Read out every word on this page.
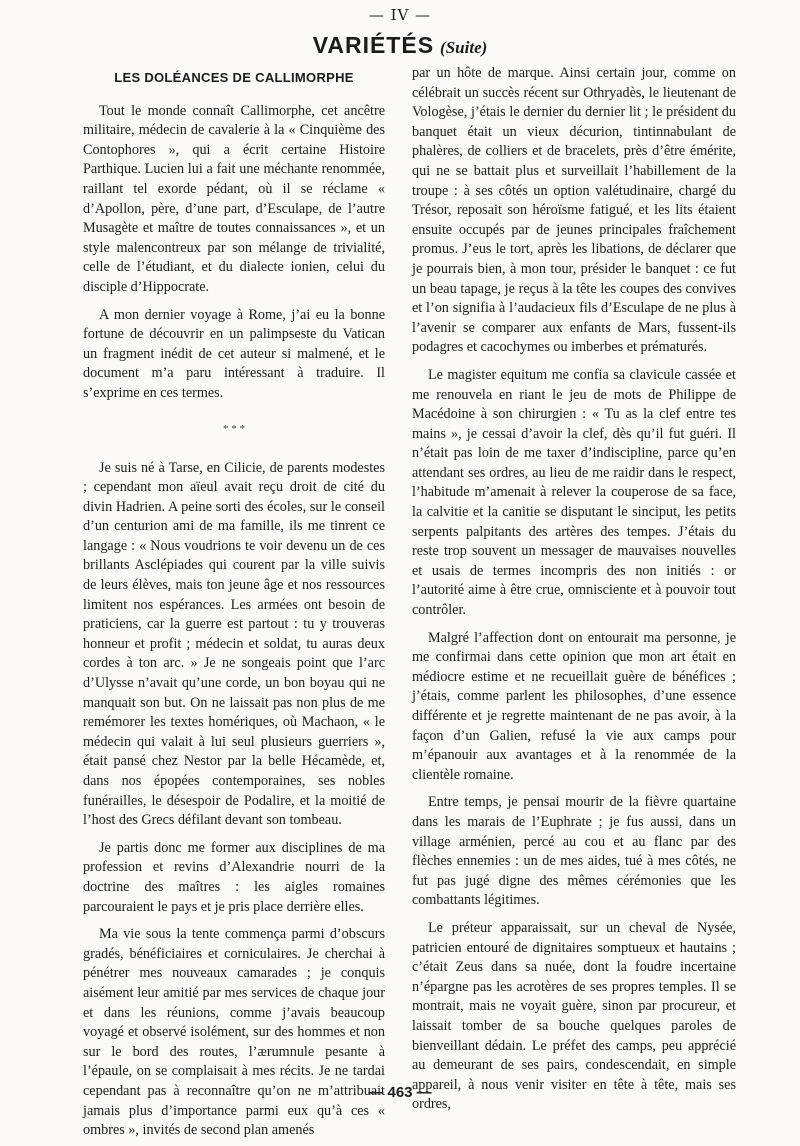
— IV —
VARIÉTÉS (Suite)
LES DOLÉANCES DE CALLIMORPHE

Tout le monde connaît Callimorphe, cet ancêtre militaire, médecin de cavalerie à la « Cinquième des Contophores », qui a écrit certaine Histoire Parthique. Lucien lui a fait une méchante renommée, raillant tel exorde pédant, où il se réclame « d’Apollon, père, d’une part, d’Esculape, de l’autre Musagète et maître de toutes connaissances », et un style malencontreux par son mélange de trivialité, celle de l’étudiant, et du dialecte ionien, celui du disciple d’Hippocrate.

A mon dernier voyage à Rome, j’ai eu la bonne fortune de découvrir en un palimpseste du Vatican un fragment inédit de cet auteur si malmené, et le document m’a paru intéressant à traduire. Il s’exprime en ces termes.

* * *

Je suis né à Tarse, en Cilicie, de parents modestes ; cependant mon aïeul avait reçu droit de cité du divin Hadrien. A peine sorti des écoles, sur le conseil d’un centurion ami de ma famille, ils me tinrent ce langage : « Nous voudrions te voir devenu un de ces brillants Asclépiades qui courent par la ville suivis de leurs élèves, mais ton jeune âge et nos ressources limitent nos espérances. Les armées ont besoin de praticiens, car la guerre est partout : tu y trouveras honneur et profit ; médecin et soldat, tu auras deux cordes à ton arc. » Je ne songeais point que l’arc d’Ulysse n’avait qu’une corde, un bon boyau qui ne manquait son but. On ne laissait pas non plus de me remémorer les textes homériques, où Machaon, « le médecin qui valait à lui seul plusieurs guerriers », était pansé chez Nestor par la belle Hécamède, et, dans nos épopées contemporaines, ses nobles funérailles, le désespoir de Podalire, et la moitié de l’host des Grecs défilant devant son tombeau.

Je partis donc me former aux disciplines de ma profession et revins d’Alexandrie nourri de la doctrine des maîtres : les aigles romaines parcouraient le pays et je pris place derrière elles.

Ma vie sous la tente commença parmi d’obscurs gradés, bénéficiaires et corniculaires. Je cherchai à pénétrer mes nouveaux camarades ; je conquis aisément leur amitié par mes services de chaque jour et dans les réunions, comme j’avais beaucoup voyagé et observé isolément, sur des hommes et non sur le bord des routes, l’ærumnule pesante à l’épaule, on se complaisait à mes récits. Je ne tardai cependant pas à reconnaître qu’on ne m’attribuait jamais plus d’importance parmi eux qu’à ces « ombres », invités de second plan amenés

par un hôte de marque. Ainsi certain jour, comme on célébrait un succès récent sur Othryadès, le lieutenant de Vologèse, j’étais le dernier du dernier lit ; le président du banquet était un vieux décurion, tintinnabulant de phalères, de colliers et de bracelets, près d’être émérite, qui ne se battait plus et surveillait l’habillement de la troupe : à ses côtés un option valétudinaire, chargé du Trésor, reposait son héroïsme fatigué, et les lits étaient ensuite occupés par de jeunes principales fraîchement promus. J’eus le tort, après les libations, de déclarer que je pourrais bien, à mon tour, présider le banquet : ce fut un beau tapage, je reçus à la tête les coupes des convives et l’on signifia à l’audacieux fils d’Esculape de ne plus à l’avenir se comparer aux enfants de Mars, fussent-ils podagres et cacochymes ou imberbes et prématurés.

Le magister equitum me confia sa clavicule cassée et me renouvela en riant le jeu de mots de Philippe de Macédoine à son chirurgien : « Tu as la clef entre tes mains », je cessai d’avoir la clef, dès qu’il fut guéri. Il n’était pas loin de me taxer d’indiscipline, parce qu’en attendant ses ordres, au lieu de me raidir dans le respect, l’habitude m’amenait à relever la couperose de sa face, la calvitie et la canitie se disputant le sinciput, les petits serpents palpitants des artères des tempes. J’étais du reste trop souvent un messager de mauvaises nouvelles et usais de termes incompris des non initiés : or l’autorité aime à être crue, omnisciente et à pouvoir tout contrôler.

Malgré l’affection dont on entourait ma personne, je me confirmai dans cette opinion que mon art était en médiocre estime et ne recueillait guère de bénéfices ; j’étais, comme parlent les philosophes, d’une essence différente et je regrette maintenant de ne pas avoir, à la façon d’un Galien, refusé la vie aux camps pour m’épanouir aux avantages et à la renommée de la clientèle romaine.

Entre temps, je pensai mourir de la fièvre quartaine dans les marais de l’Euphrate ; je fus aussi, dans un village arménien, percé au cou et au flanc par des flèches ennemies : un de mes aides, tué à mes côtés, ne fut pas jugé digne des mêmes cérémonies que les combattants légitimes.

Le préteur apparaissait, sur un cheval de Nysée, patricien entouré de dignitaires somptueux et hautains ; c’était Zeus dans sa nuée, dont la foudre incertaine n’épargne pas les acrotères de ses propres temples. Il se montrait, mais ne voyait guère, sinon par procureur, et laissait tomber de sa bouche quelques paroles de bienveillant dédain. Le préfet des camps, peu apprécié au demeurant de ses pairs, condescendait, en simple appareil, à nous venir visiter en tête à tête, mais ses ordres,

— 463 —
